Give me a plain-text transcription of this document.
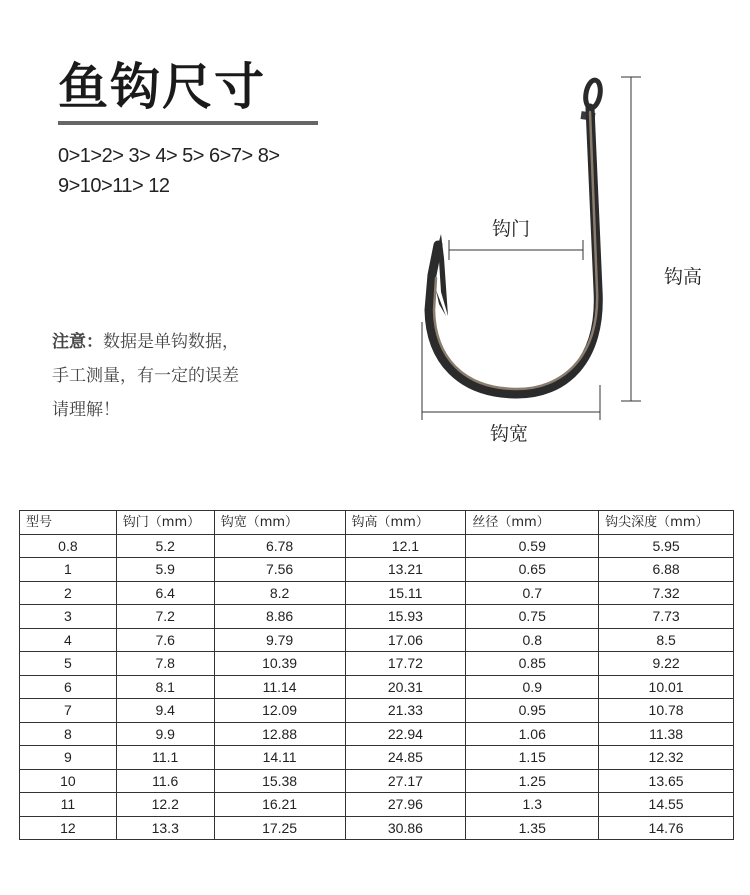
鱼钩尺寸
0>1>2> 3> 4> 5> 6>7> 8>
9>10>11> 12
注意：数据是单钩数据，
手工测量，有一定的误差
请理解！
钩门
钩高
钩宽
型号	钩门（mm）	钩宽（mm）	钩高（mm）	丝径（mm）	钩尖深度（mm）
0.8	5.2	6.78	12.1	0.59	5.95
1	5.9	7.56	13.21	0.65	6.88
2	6.4	8.2	15.11	0.7	7.32
3	7.2	8.86	15.93	0.75	7.73
4	7.6	9.79	17.06	0.8	8.5
5	7.8	10.39	17.72	0.85	9.22
6	8.1	11.14	20.31	0.9	10.01
7	9.4	12.09	21.33	0.95	10.78
8	9.9	12.88	22.94	1.06	11.38
9	11.1	14.11	24.85	1.15	12.32
10	11.6	15.38	27.17	1.25	13.65
11	12.2	16.21	27.96	1.3	14.55
12	13.3	17.25	30.86	1.35	14.76
